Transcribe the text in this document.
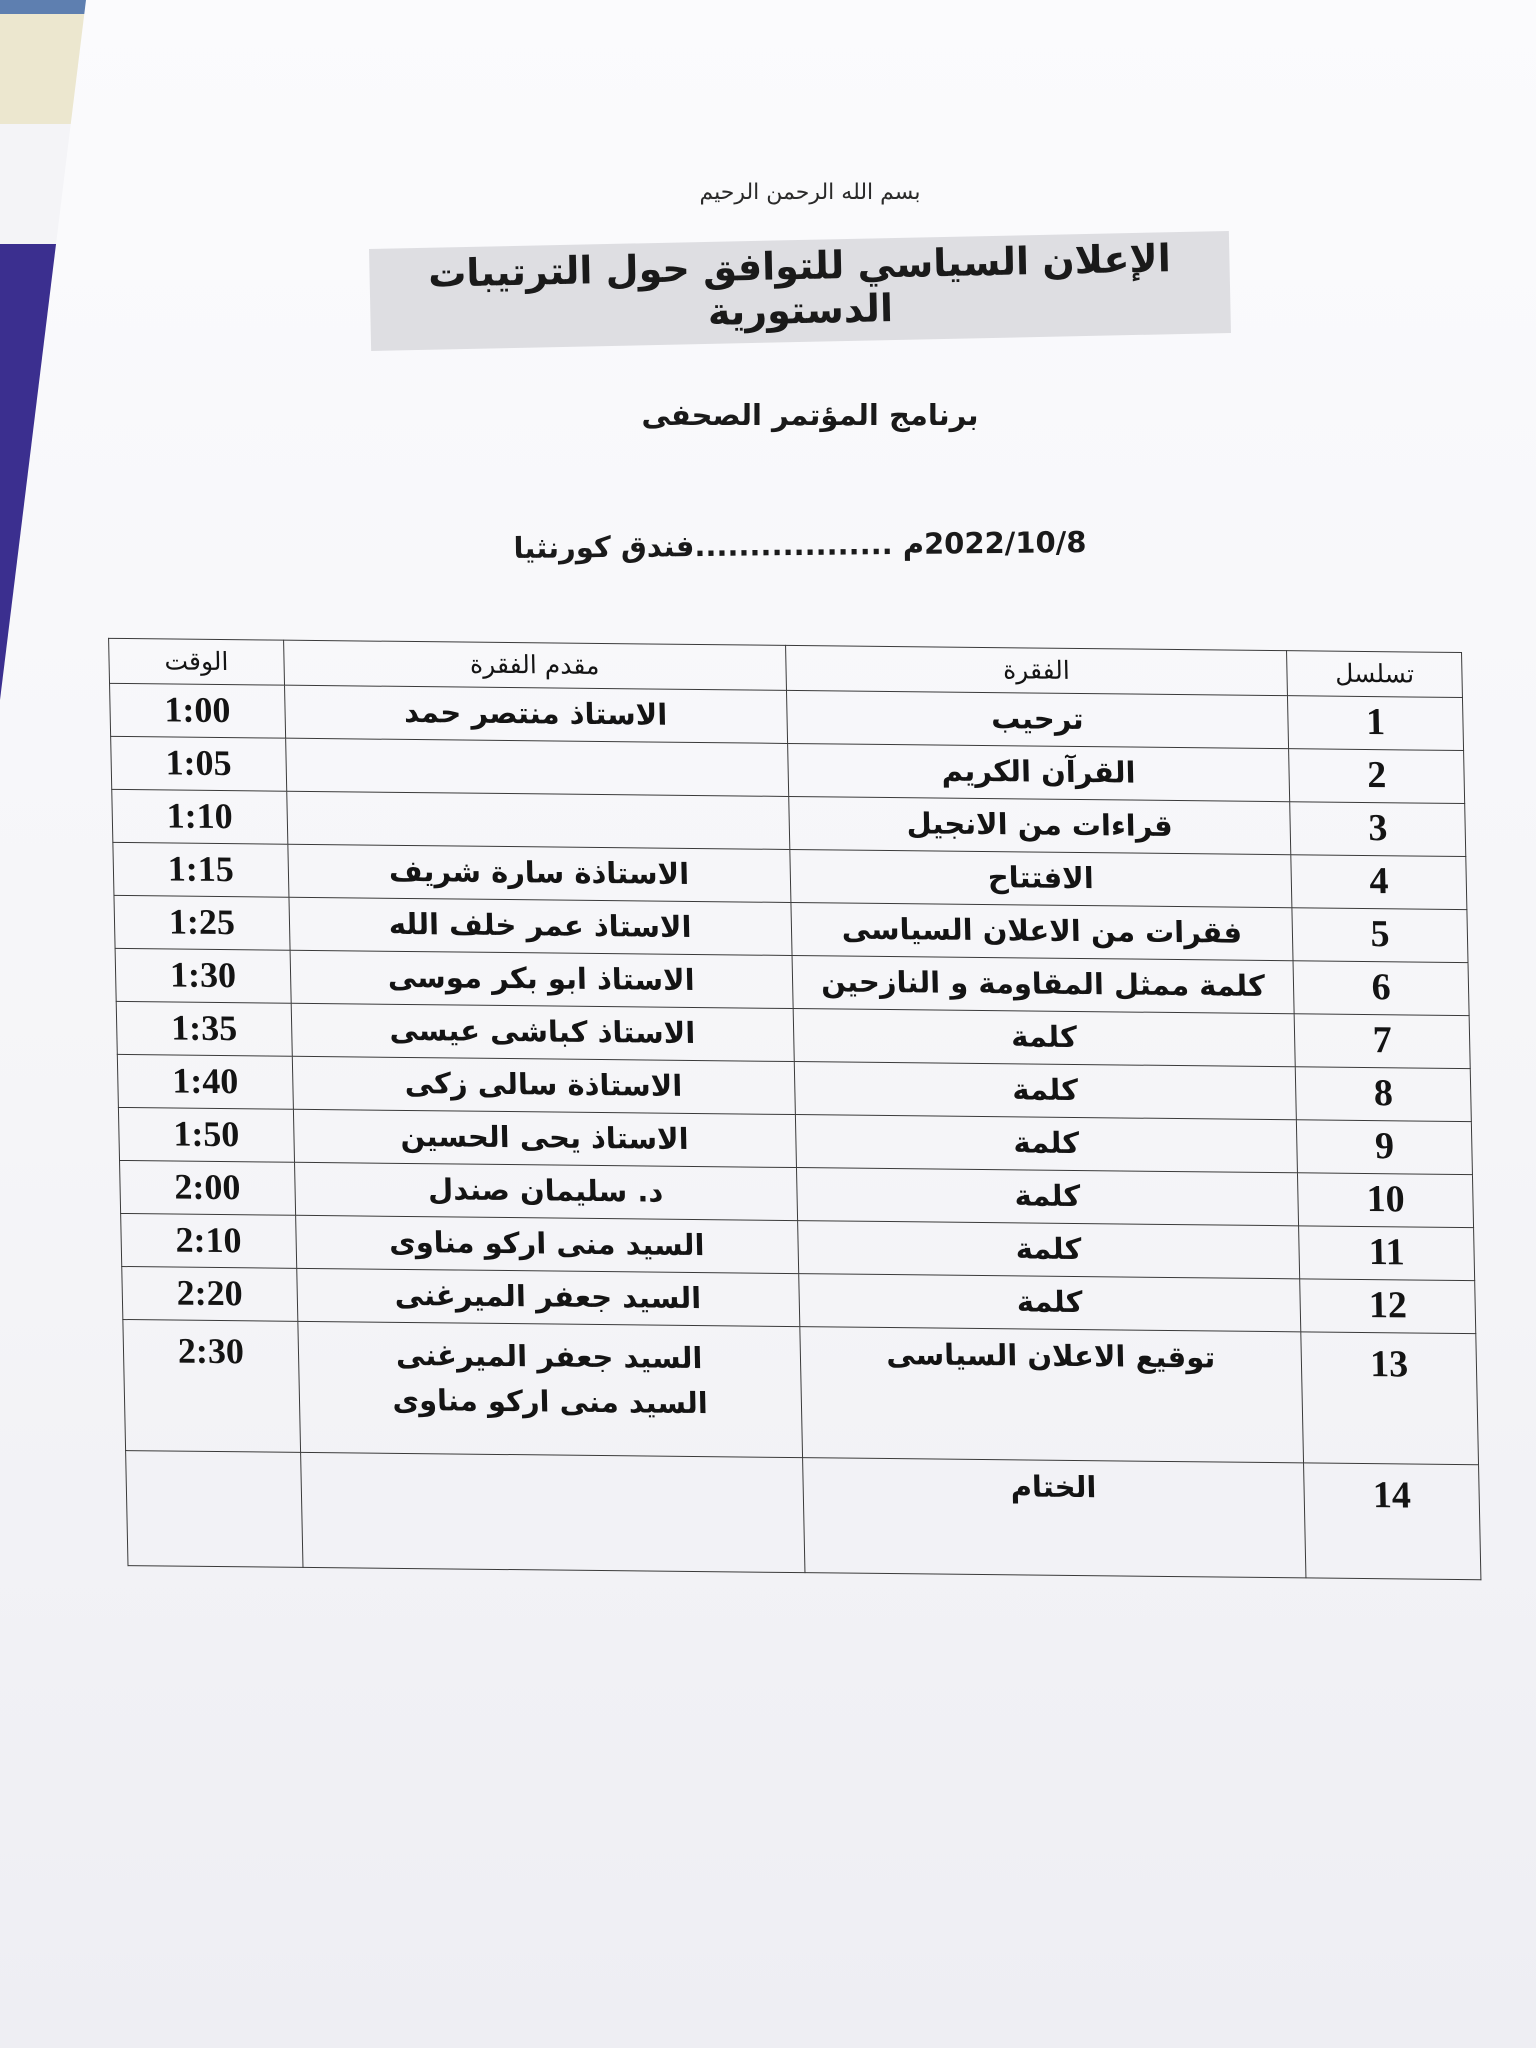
بسم الله الرحمن الرحيم
الإعلان السياسي للتوافق حول الترتيبات الدستورية
برنامج المؤتمر الصحفى
2022/10/8م ..................فندق كورنثيا
تسلسل	الفقرة	مقدم الفقرة	الوقت
1	ترحيب	الاستاذ منتصر حمد	1:00
2	القرآن الكريم		1:05
3	قراءات من الانجيل		1:10
4	الافتتاح	الاستاذة سارة شريف	1:15
5	فقرات من الاعلان السياسى	الاستاذ عمر خلف الله	1:25
6	كلمة ممثل المقاومة و النازحين	الاستاذ ابو بكر موسى	1:30
7	كلمة	الاستاذ كباشى عيسى	1:35
8	كلمة	الاستاذة سالى زكى	1:40
9	كلمة	الاستاذ يحى الحسين	1:50
10	كلمة	د. سليمان صندل	2:00
11	كلمة	السيد منى اركو مناوى	2:10
12	كلمة	السيد جعفر الميرغنى	2:20
13	توقيع الاعلان السياسى	السيد جعفر الميرغنى
السيد منى اركو مناوى	2:30
14	الختام		
